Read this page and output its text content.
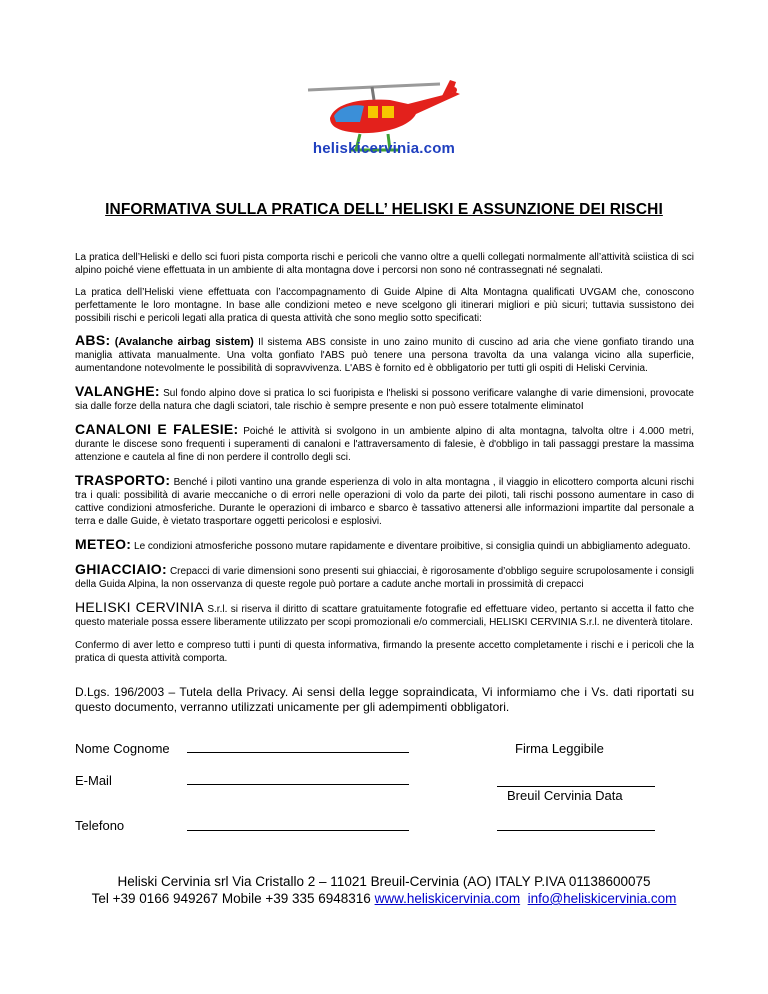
heliskicervinia.com
INFORMATIVA SULLA PRATICA DELL’ HELISKI E ASSUNZIONE DEI RISCHI

La pratica dell’Heliski e dello sci fuori pista comporta rischi e pericoli che vanno oltre a quelli collegati normalmente all’attività sciistica di sci alpino poiché viene effettuata in un ambiente di alta montagna dove i percorsi non sono né contrassegnati né segnalati.

La pratica dell’Heliski viene effettuata con l’accompagnamento di Guide Alpine di Alta Montagna qualificati UVGAM che, conoscono perfettamente le loro montagne. In base alle condizioni meteo e neve scelgono gli itinerari migliori e più sicuri; tuttavia sussistono dei possibili rischi e pericoli legati alla pratica di questa attività che sono meglio sotto specificati:

ABS: (Avalanche airbag sistem) Il sistema ABS consiste in uno zaino munito di cuscino ad aria che viene gonfiato tirando una maniglia attivata manualmente. Una volta gonfiato l'ABS può tenere una persona travolta da una valanga vicino alla superficie, aumentandone notevolmente le possibilità di sopravvivenza. L'ABS è fornito ed è obbligatorio per tutti gli ospiti di Heliski Cervinia.

VALANGHE: Sul fondo alpino dove si pratica lo sci fuoripista e l'heliski si possono verificare valanghe di varie dimensioni, provocate sia dalle forze della natura che dagli sciatori, tale rischio è sempre presente e non può essere totalmente eliminatoI

CANALONI E FALESIE: Poiché le attività si svolgono in un ambiente alpino di alta montagna, talvolta oltre i 4.000 metri, durante le discese sono frequenti i superamenti di canaloni e l'attraversamento di falesie, è d'obbligo in tali passaggi prestare la massima attenzione e cautela al fine di non perdere il controllo degli sci.

TRASPORTO: Benché i piloti vantino una grande esperienza di volo in alta montagna , il viaggio in elicottero comporta alcuni rischi tra i quali: possibilità di avarie meccaniche o di errori nelle operazioni di volo da parte dei piloti, tali rischi possono aumentare in caso di cattive condizioni atmosferiche. Durante le operazioni di imbarco e sbarco è tassativo attenersi alle informazioni impartite dal personale a terra e dalle Guide, è vietato trasportare oggetti pericolosi e esplosivi.

METEO: Le condizioni atmosferiche possono mutare rapidamente e diventare proibitive, si consiglia quindi un abbigliamento adeguato.

GHIACCIAIO: Crepacci di varie dimensioni sono presenti sui ghiacciai, è rigorosamente d’obbligo seguire scrupolosamente i consigli della Guida Alpina, la non osservanza di queste regole può portare a cadute anche mortali in prossimità di crepacci

HELISKI CERVINIA S.r.l. si riserva il diritto di scattare gratuitamente fotografie ed effettuare video, pertanto si accetta il fatto che questo materiale possa essere liberamente utilizzato per scopi promozionali e/o commerciali, HELISKI CERVINIA S.r.l. ne diventerà titolare.

Confermo di aver letto e compreso tutti i punti di questa informativa, firmando la presente accetto completamente i rischi e i pericoli che la pratica di questa attività comporta.

D.Lgs. 196/2003 – Tutela della Privacy. Ai sensi della legge sopraindicata, Vi informiamo che i Vs. dati riportati su questo documento, verranno utilizzati unicamente per gli adempimenti obbligatori.
Nome Cognome	Firma Leggibile
E-Mail
Breuil Cervinia Data
Telefono
Heliski Cervinia srl Via Cristallo 2 – 11021 Breuil-Cervinia (AO) ITALY P.IVA 01138600075
Tel +39 0166 949267 Mobile +39 335 6948316 www.heliskicervinia.com info@heliskicervinia.com
